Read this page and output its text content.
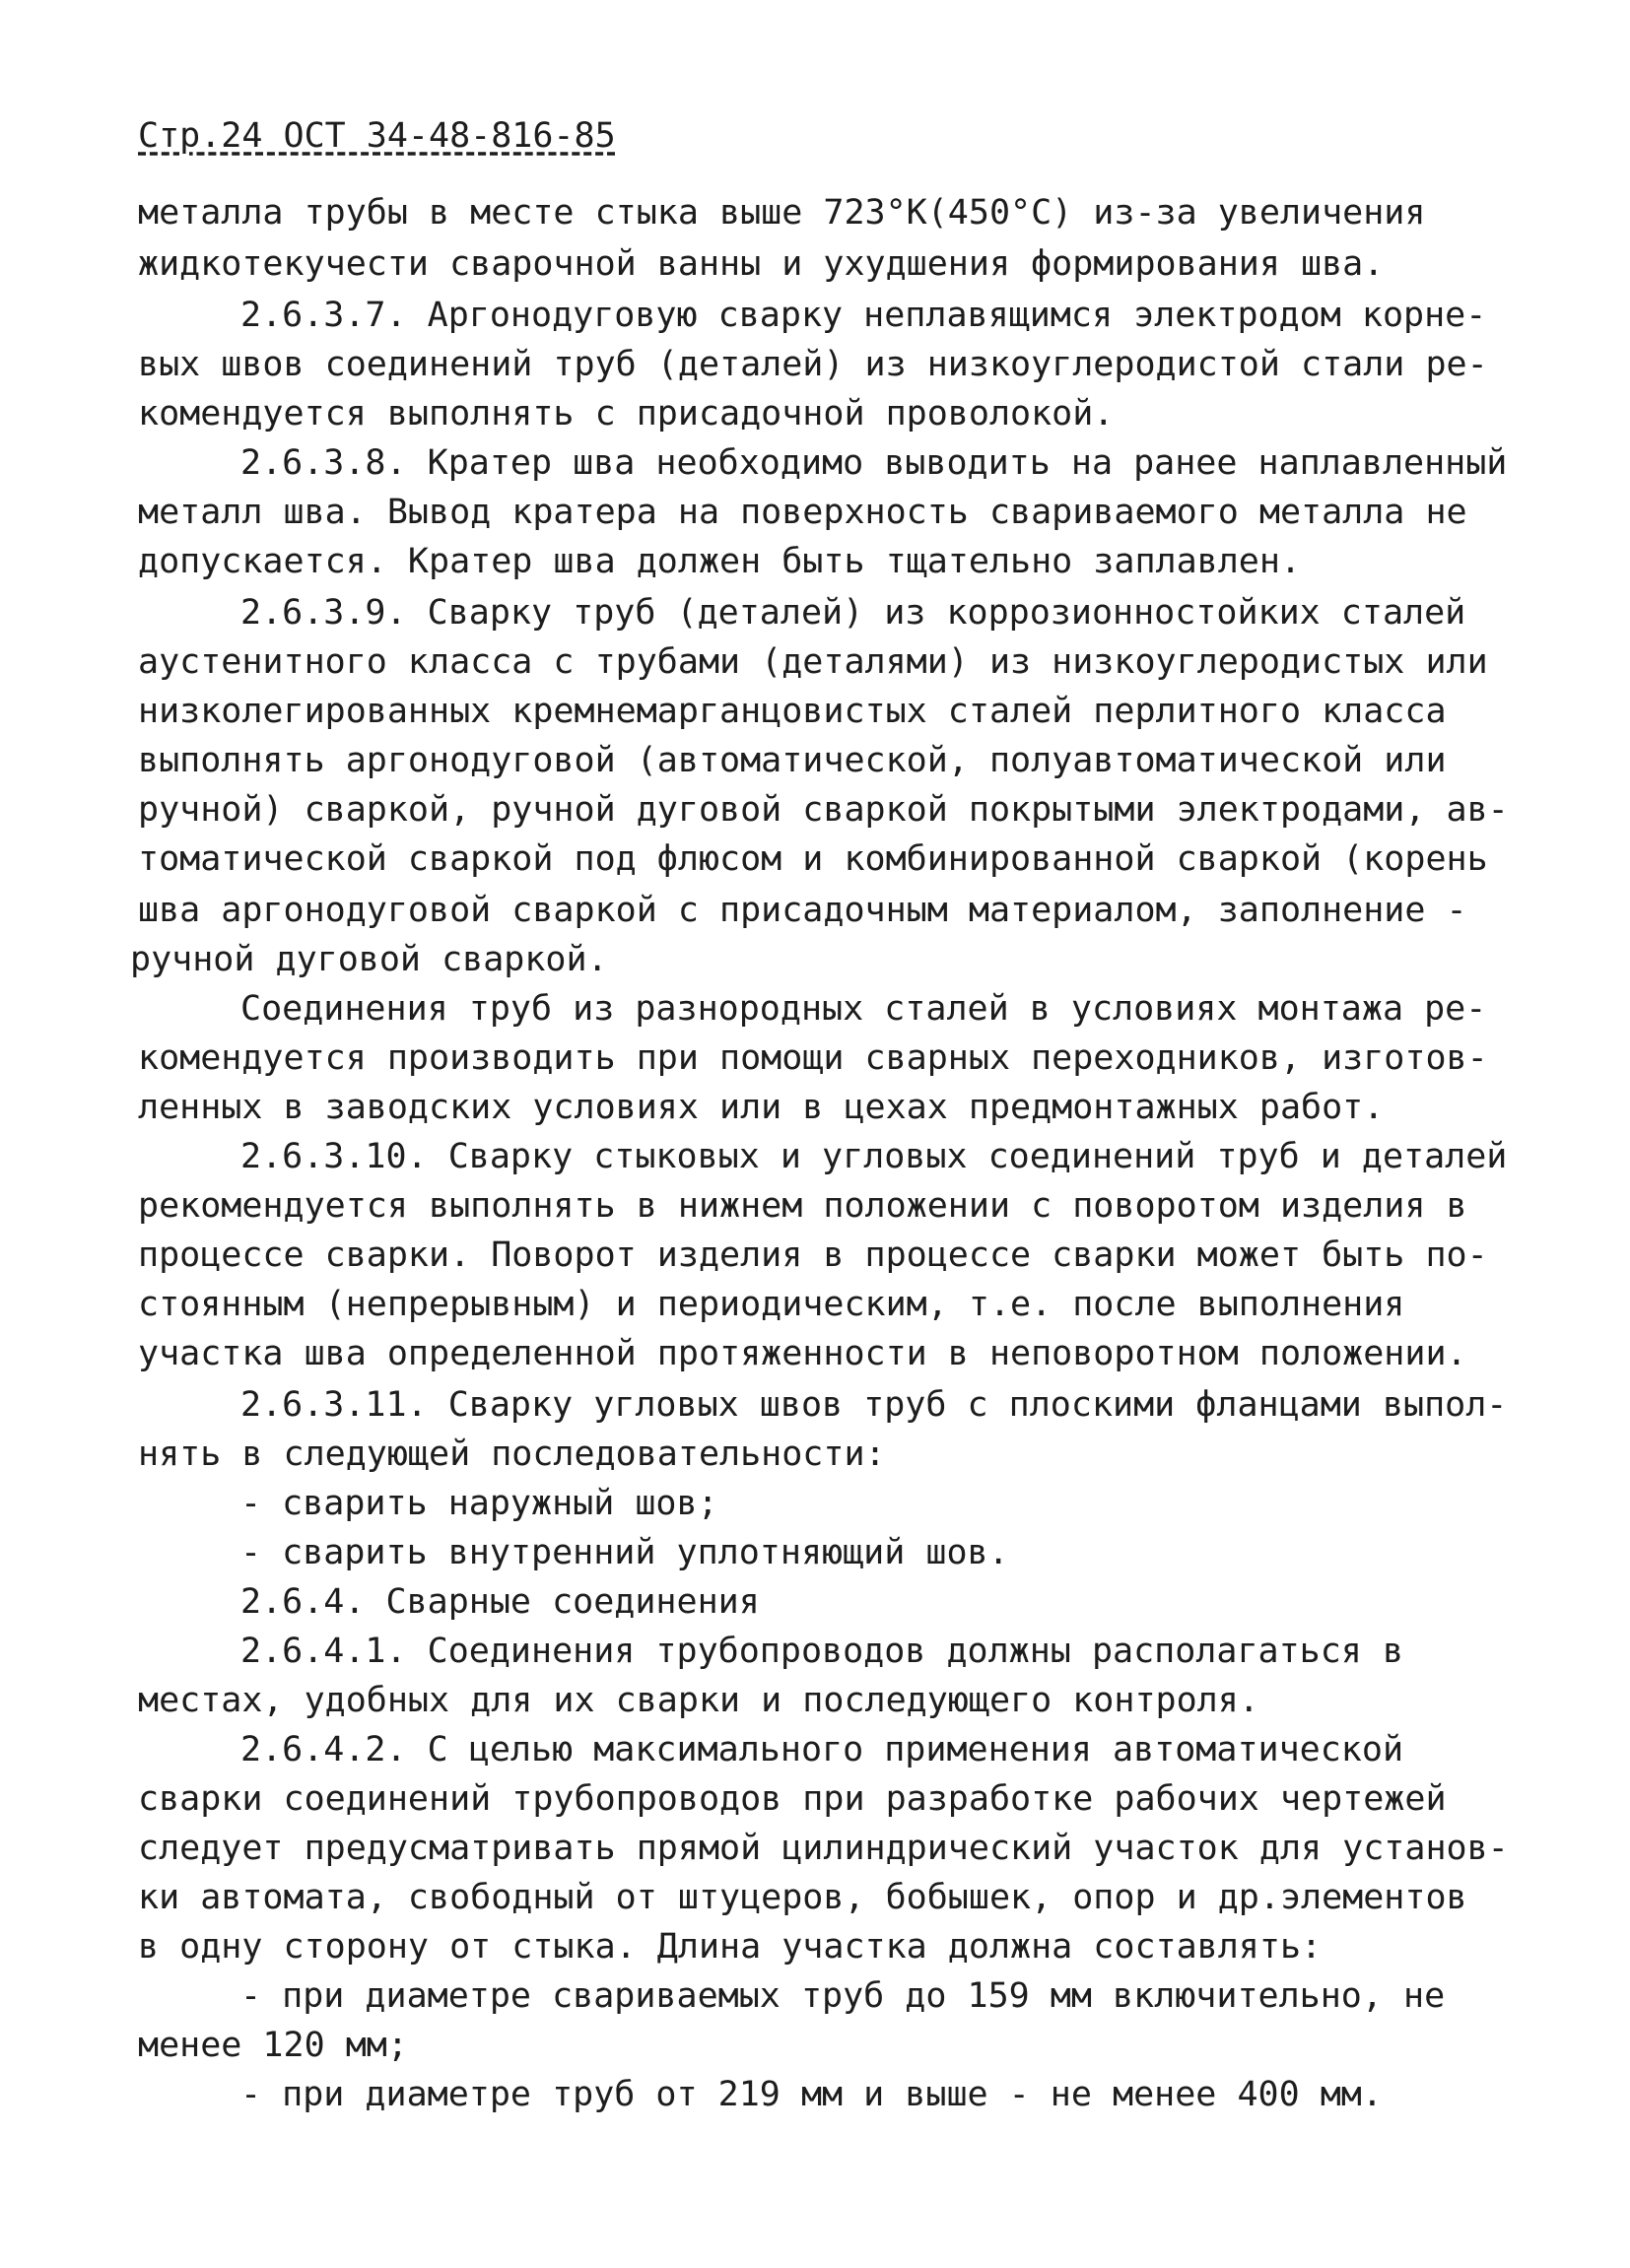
Стр.24 ОСТ 34-48-816-85
металла трубы в месте стыка выше 723°К(450°С) из-за увеличения
жидкотекучести сварочной ванны и ухудшения формирования шва.
2.6.3.7. Аргонодуговую сварку неплавящимся электродом корне-
вых швов соединений труб (деталей) из низкоуглеродистой стали ре-
комендуется выполнять с присадочной проволокой.
2.6.3.8. Кратер шва необходимо выводить на ранее наплавленный
металл шва. Вывод кратера на поверхность свариваемого металла не
допускается. Кратер шва должен быть тщательно заплавлен.
2.6.3.9. Сварку труб (деталей) из коррозионностойких сталей
аустенитного класса с трубами (деталями) из низкоуглеродистых или
низколегированных кремнемарганцовистых сталей перлитного класса
выполнять аргонодуговой (автоматической, полуавтоматической или
ручной) сваркой, ручной дуговой сваркой покрытыми электродами, ав-
томатической сваркой под флюсом и комбинированной сваркой (корень
шва аргонодуговой сваркой с присадочным материалом, заполнение -
ручной дуговой сваркой.
Соединения труб из разнородных сталей в условиях монтажа ре-
комендуется производить при помощи сварных переходников, изготов-
ленных в заводских условиях или в цехах предмонтажных работ.
2.6.3.10. Сварку стыковых и угловых соединений труб и деталей
рекомендуется выполнять в нижнем положении с поворотом изделия в
процессе сварки. Поворот изделия в процессе сварки может быть по-
стоянным (непрерывным) и периодическим, т.е. после выполнения
участка шва определенной протяженности в неповоротном положении.
2.6.3.11. Сварку угловых швов труб с плоскими фланцами выпол-
нять в следующей последовательности:
- сварить наружный шов;
- сварить внутренний уплотняющий шов.
2.6.4. Сварные соединения
2.6.4.1. Соединения трубопроводов должны располагаться в
местах, удобных для их сварки и последующего контроля.
2.6.4.2. С целью максимального применения автоматической
сварки соединений трубопроводов при разработке рабочих чертежей
следует предусматривать прямой цилиндрический участок для установ-
ки автомата, свободный от штуцеров, бобышек, опор и др.элементов
в одну сторону от стыка. Длина участка должна составлять:
- при диаметре свариваемых труб до 159 мм включительно, не
менее 120 мм;
- при диаметре труб от 219 мм и выше - не менее 400 мм.
